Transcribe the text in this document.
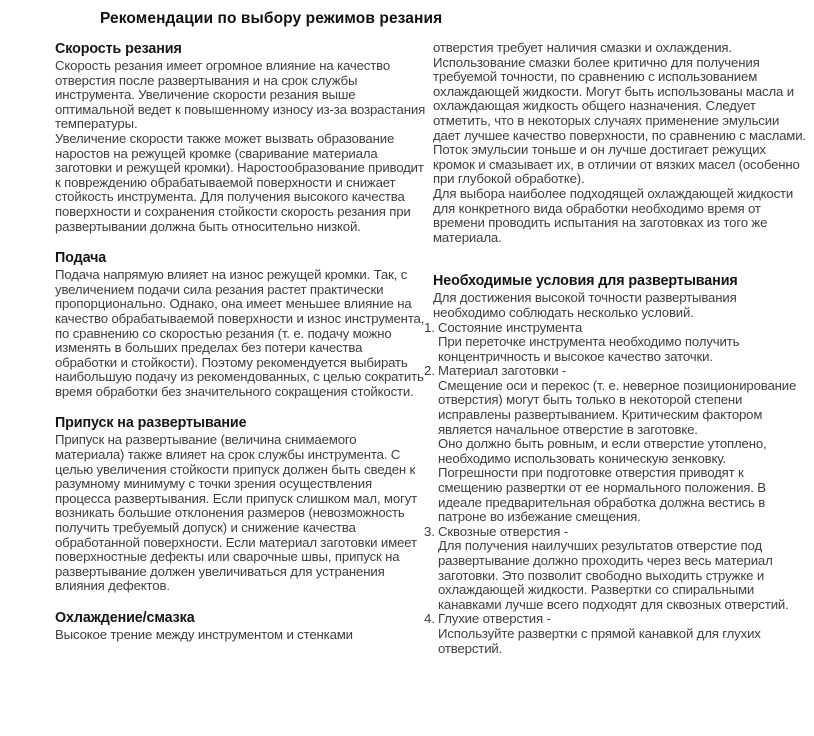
Рекомендации по выбору режимов резания
Скорость резания

Скорость резания имеет огромное влияние на качество отверстия после развертывания и на срок службы инструмента. Увеличение скорости резания выше оптимальной ведет к повышенному износу из-за возрастания температуры.

Увеличение скорости также может вызвать образование наростов на режущей кромке (сваривание материала заготовки и режущей кромки). Наростообразование приводит к повреждению обрабатываемой поверхности и снижает стойкость инструмента. Для получения высокого качества поверхности и сохранения стойкости скорость резания при развертывании должна быть относительно низкой.

Подача

Подача напрямую влияет на износ режущей кромки. Так, с увеличением подачи сила резания растет практически пропорционально. Однако, она имеет меньшее влияние на качество обрабатываемой поверхности и износ инструмента, по сравнению со скоростью резания (т. е. подачу можно изменять в больших пределах без потери качества обработки и стойкости). Поэтому рекомендуется выбирать наибольшую подачу из рекомендованных, с целью сократить время обработки без значительного сокращения стойкости.

Припуск на развертывание

Припуск на развертывание (величина снимаемого материала) также влияет на срок службы инструмента. С целью увеличения стойкости припуск должен быть сведен к разумному минимуму с точки зрения осуществления процесса развертывания. Если припуск слишком мал, могут возникать большие отклонения размеров (невозможность получить требуемый допуск) и снижение качества обработанной поверхности. Если материал заготовки имеет поверхностные дефекты или сварочные швы, припуск на развертывание должен увеличиваться для устранения влияния дефектов.

Охлаждение/смазка

Высокое трение между инструментом и стенками

отверстия требует наличия смазки и охлаждения. Использование смазки более критично для получения требуемой точности, по сравнению с использованием охлаждающей жидкости. Могут быть использованы масла и охлаждающая жидкость общего назначения. Следует отметить, что в некоторых случаях применение эмульсии дает лучшее качество поверхности, по сравнению с маслами. Поток эмульсии тоньше и он лучше достигает режущих кромок и смазывает их, в отличии от вязких масел (особенно при глубокой обработке).

Для выбора наиболее подходящей охлаждающей жидкости для конкретного вида обработки необходимо время от времени проводить испытания на заготовках из того же материала.

Необходимые условия для развертывания

Для достижения высокой точности развертывания необходимо соблюдать несколько условий.

1. Состояние инструмента

При переточке инструмента необходимо получить концентричность и высокое качество заточки.

2. Материал заготовки -

Смещение оси и перекос (т. е. неверное позиционирование отверстия) могут быть только в некоторой степени исправлены развертыванием. Критическим фактором является начальное отверстие в заготовке.

Оно должно быть ровным, и если отверстие утоплено, необходимо использовать коническую зенковку. Погрешности при подготовке отверстия приводят к смещению развертки от ее нормального положения. В идеале предварительная обработка должна вестись в патроне во избежание смещения.

3. Сквозные отверстия -

Для получения наилучших результатов отверстие под развертывание должно проходить через весь материал заготовки. Это позволит свободно выходить стружке и охлаждающей жидкости. Развертки со спиральными канавками лучше всего подходят для сквозных отверстий.

4. Глухие отверстия -

Используйте развертки с прямой канавкой для глухих отверстий.
